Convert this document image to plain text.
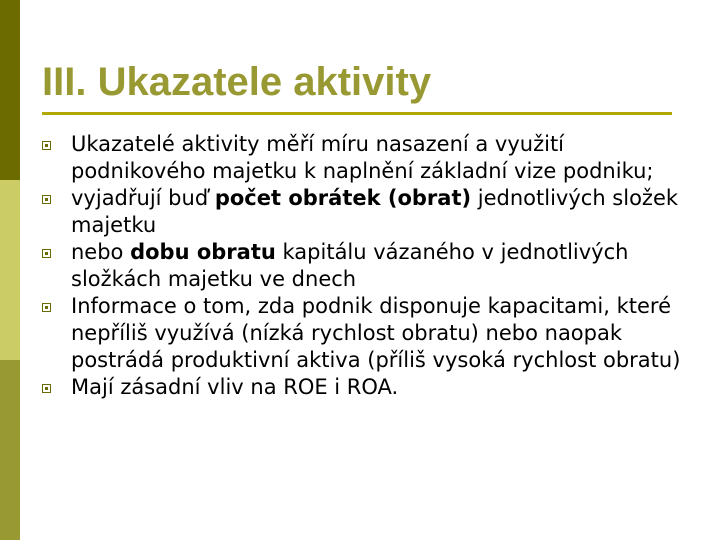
III. Ukazatele aktivity
Ukazatelé aktivity měří míru nasazení a využití podnikového majetku k naplnění základní vize podniku;
vyjadřují buď počet obrátek (obrat) jednotlivých složek majetku
nebo dobu obratu kapitálu vázaného v jednotlivých složkách majetku ve dnech
Informace o tom, zda podnik disponuje kapacitami, které nepříliš využívá (nízká rychlost obratu) nebo naopak postrádá produktivní aktiva (příliš vysoká rychlost obratu)
Mají zásadní vliv na ROE i ROA.
